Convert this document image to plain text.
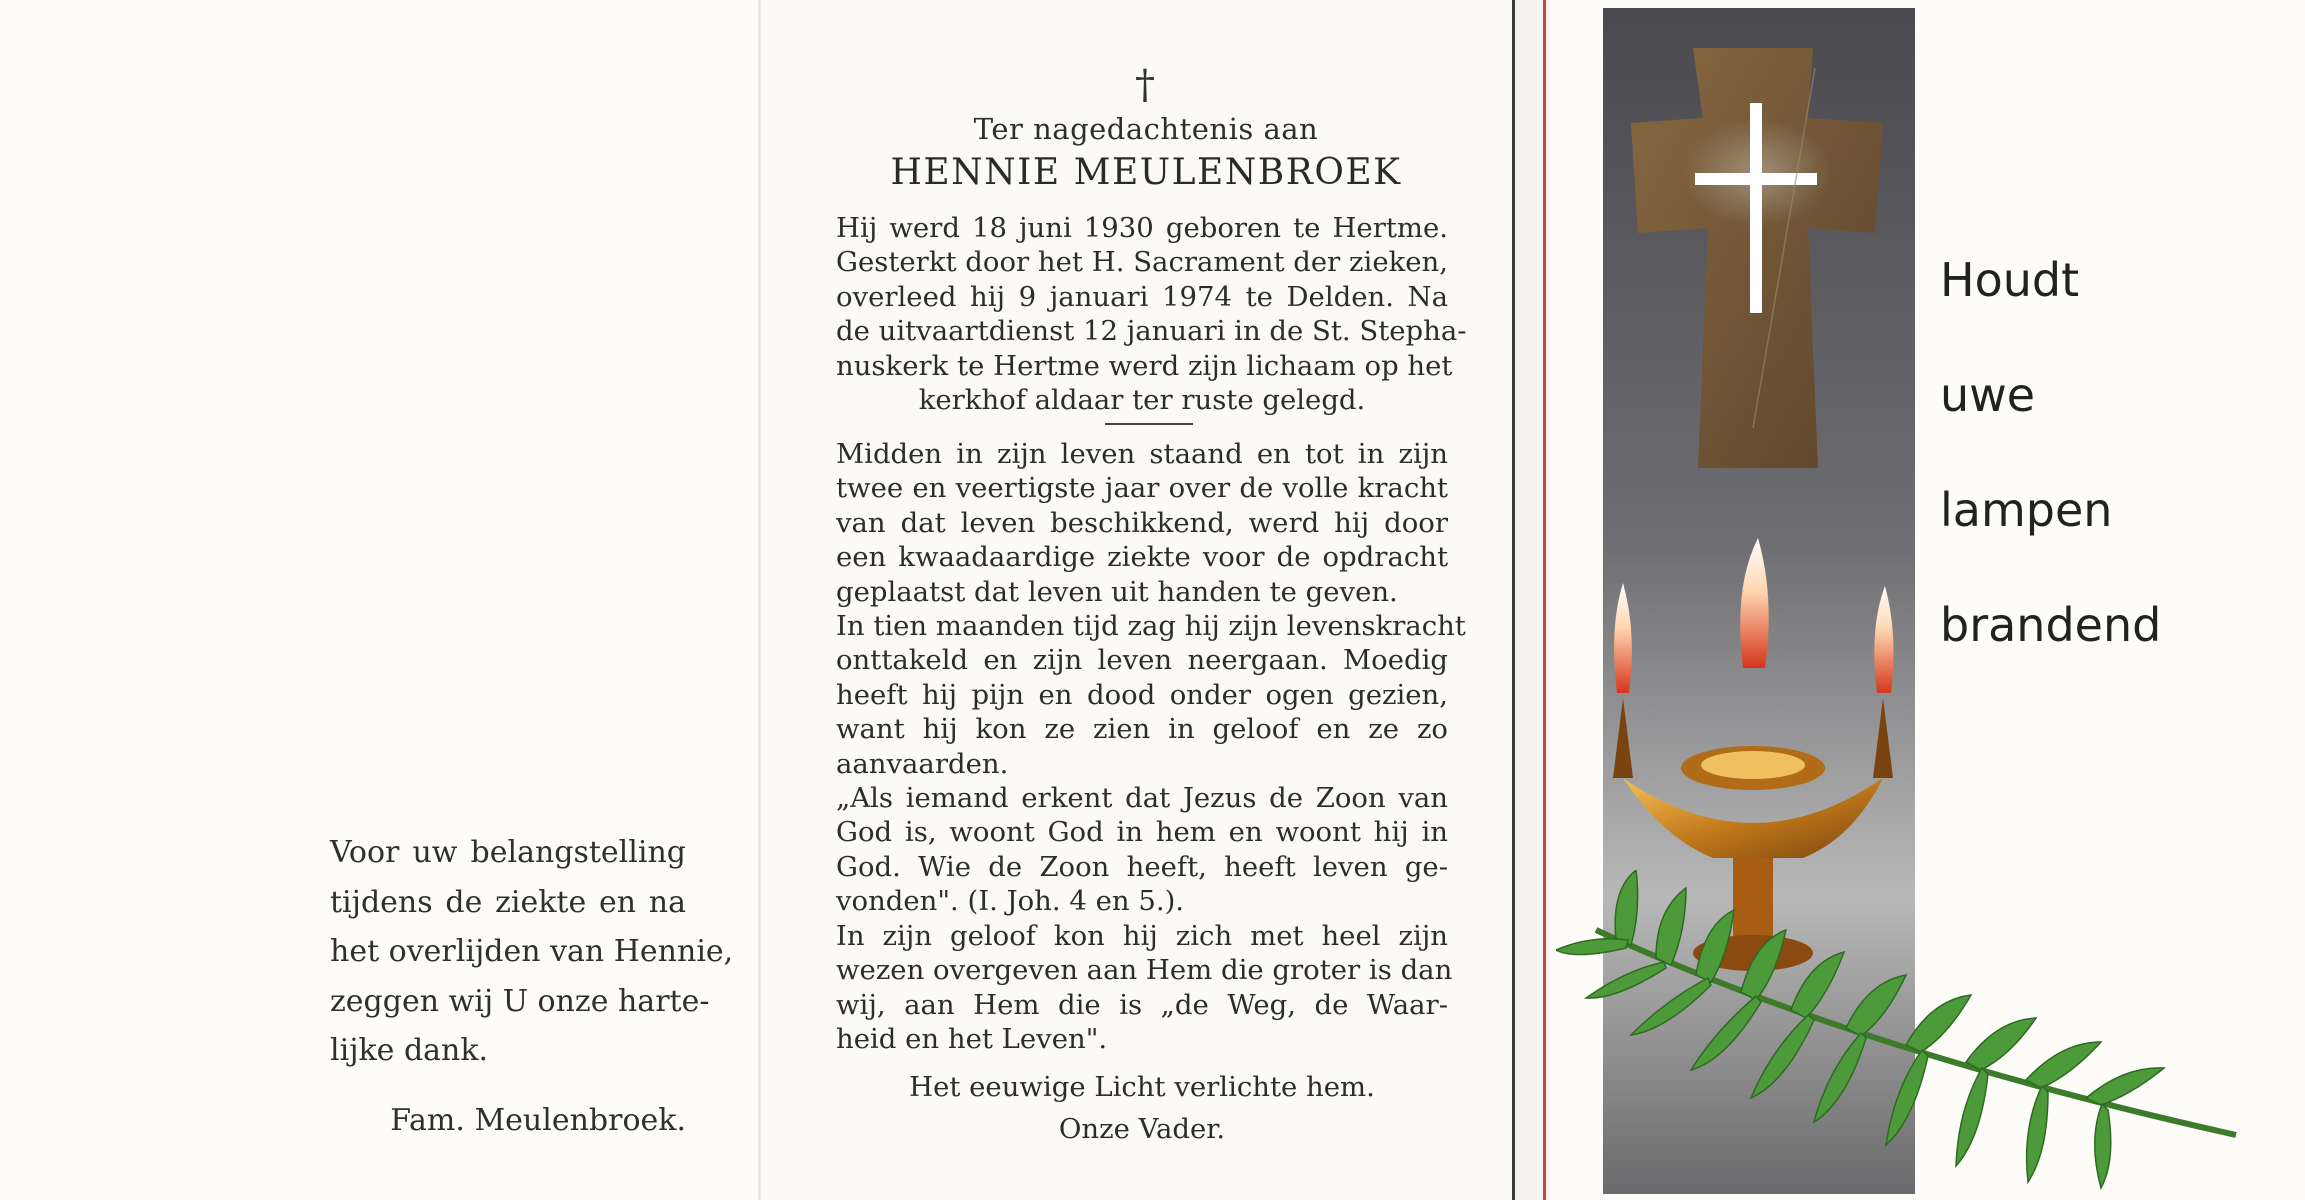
Voor uw belangstelling
tijdens de ziekte en na
het overlijden van Hennie,
zeggen wij U onze harte-
lijke dank.
Fam. Meulenbroek.
†
Ter nagedachtenis aan
HENNIE MEULENBROEK
Hij werd 18 juni 1930 geboren te Hertme.
Gesterkt door het H. Sacrament der zieken,
overleed hij 9 januari 1974 te Delden. Na
de uitvaartdienst 12 januari in de St. Stepha-
nuskerk te Hertme werd zijn lichaam op het
kerkhof aldaar ter ruste gelegd.
Midden in zijn leven staand en tot in zijn
twee en veertigste jaar over de volle kracht
van dat leven beschikkend, werd hij door
een kwaadaardige ziekte voor de opdracht
geplaatst dat leven uit handen te geven.
In tien maanden tijd zag hij zijn levenskracht
onttakeld en zijn leven neergaan. Moedig
heeft hij pijn en dood onder ogen gezien,
want hij kon ze zien in geloof en ze zo
aanvaarden.
„Als iemand erkent dat Jezus de Zoon van
God is, woont God in hem en woont hij in
God. Wie de Zoon heeft, heeft leven ge-
vonden". (I. Joh. 4 en 5.).
In zijn geloof kon hij zich met heel zijn
wezen overgeven aan Hem die groter is dan
wij, aan Hem die is „de Weg, de Waar-
heid en het Leven".
Het eeuwige Licht verlichte hem.
Onze Vader.
Houdt
uwe
lampen
brandend
